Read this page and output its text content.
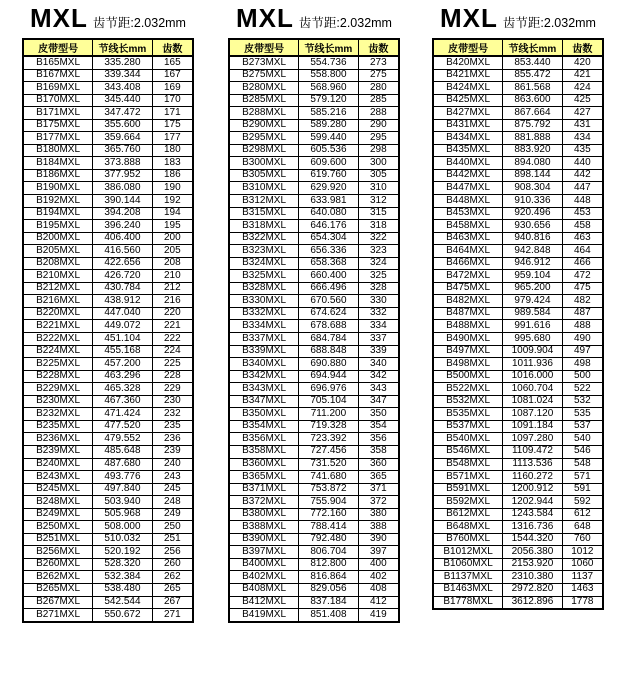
MXL 齿节距:2.032mm
皮带型号	节线长mm	齿数
B165MXL	335.280	165
B167MXL	339.344	167
B169MXL	343.408	169
B170MXL	345.440	170
B171MXL	347.472	171
B175MXL	355.600	175
B177MXL	359.664	177
B180MXL	365.760	180
B184MXL	373.888	183
B186MXL	377.952	186
B190MXL	386.080	190
B192MXL	390.144	192
B194MXL	394.208	194
B195MXL	396.240	195
B200MXL	406.400	200
B205MXL	416.560	205
B208MXL	422.656	208
B210MXL	426.720	210
B212MXL	430.784	212
B216MXL	438.912	216
B220MXL	447.040	220
B221MXL	449.072	221
B222MXL	451.104	222
B224MXL	455.168	224
B225MXL	457.200	225
B228MXL	463.296	228
B229MXL	465.328	229
B230MXL	467.360	230
B232MXL	471.424	232
B235MXL	477.520	235
B236MXL	479.552	236
B239MXL	485.648	239
B240MXL	487.680	240
B243MXL	493.776	243
B245MXL	497.840	245
B248MXL	503.940	248
B249MXL	505.968	249
B250MXL	508.000	250
B251MXL	510.032	251
B256MXL	520.192	256
B260MXL	528.320	260
B262MXL	532.384	262
B265MXL	538.480	265
B267MXL	542.544	267
B271MXL	550.672	271
MXL 齿节距:2.032mm
皮带型号	节线长mm	齿数
B273MXL	554.736	273
B275MXL	558.800	275
B280MXL	568.960	280
B285MXL	579.120	285
B288MXL	585.216	288
B290MXL	589.280	290
B295MXL	599.440	295
B298MXL	605.536	298
B300MXL	609.600	300
B305MXL	619.760	305
B310MXL	629.920	310
B312MXL	633.981	312
B315MXL	640.080	315
B318MXL	646.176	318
B322MXL	654.304	322
B323MXL	656.336	323
B324MXL	658.368	324
B325MXL	660.400	325
B328MXL	666.496	328
B330MXL	670.560	330
B332MXL	674.624	332
B334MXL	678.688	334
B337MXL	684.784	337
B339MXL	688.848	339
B340MXL	690.880	340
B342MXL	694.944	342
B343MXL	696.976	343
B347MXL	705.104	347
B350MXL	711.200	350
B354MXL	719.328	354
B356MXL	723.392	356
B358MXL	727.456	358
B360MXL	731.520	360
B365MXL	741.680	365
B371MXL	753.872	371
B372MXL	755.904	372
B380MXL	772.160	380
B388MXL	788.414	388
B390MXL	792.480	390
B397MXL	806.704	397
B400MXL	812.800	400
B402MXL	816.864	402
B408MXL	829.056	408
B412MXL	837.184	412
B419MXL	851.408	419
MXL 齿节距:2.032mm
皮带型号	节线长mm	齿数
B420MXL	853.440	420
B421MXL	855.472	421
B424MXL	861.568	424
B425MXL	863.600	425
B427MXL	867.664	427
B431MXL	875.792	431
B434MXL	881.888	434
B435MXL	883.920	435
B440MXL	894.080	440
B442MXL	898.144	442
B447MXL	908.304	447
B448MXL	910.336	448
B453MXL	920.496	453
B458MXL	930.656	458
B463MXL	940.816	463
B464MXL	942.848	464
B466MXL	946.912	466
B472MXL	959.104	472
B475MXL	965.200	475
B482MXL	979.424	482
B487MXL	989.584	487
B488MXL	991.616	488
B490MXL	995.680	490
B497MXL	1009.904	497
B498MXL	1011.936	498
B500MXL	1016.000	500
B522MXL	1060.704	522
B532MXL	1081.024	532
B535MXL	1087.120	535
B537MXL	1091.184	537
B540MXL	1097.280	540
B546MXL	1109.472	546
B548MXL	1113.536	548
B571MXL	1160.272	571
B591MXL	1200.912	591
B592MXL	1202.944	592
B612MXL	1243.584	612
B648MXL	1316.736	648
B760MXL	1544.320	760
B1012MXL	2056.380	1012
B1060MXL	2153.920	1060
B1137MXL	2310.380	1137
B1463MXL	2972.820	1463
B1778MXL	3612.896	1778
